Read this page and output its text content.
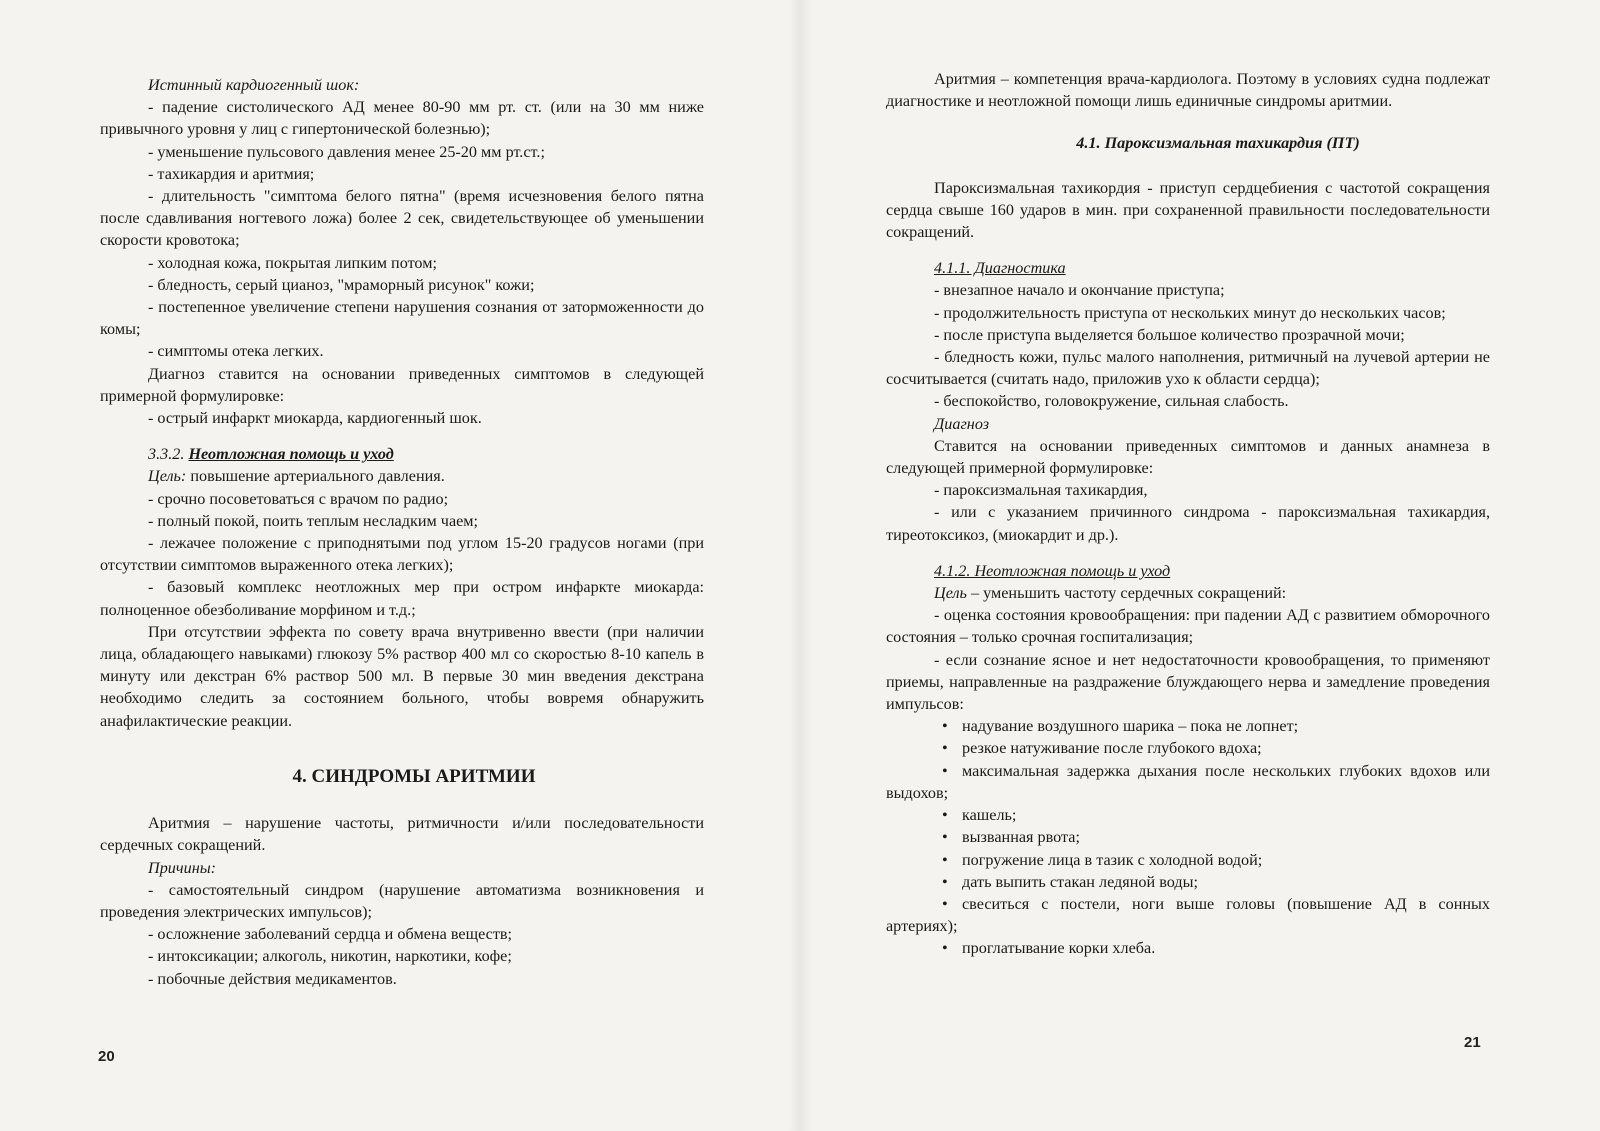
Истинный кардиогенный шок:

- падение систолического АД менее 80-90 мм рт. ст. (или на 30 мм ниже привычного уровня у лиц с гипертонической болезнью);

- уменьшение пульсового давления менее 25-20 мм рт.ст.;

- тахикардия и аритмия;

- длительность "симптома белого пятна" (время исчезновения белого пятна после сдавливания ногтевого ложа) более 2 сек, свидетельствующее об уменьшении скорости кровотока;

- холодная кожа, покрытая липким потом;

- бледность, серый цианоз, "мраморный рисунок" кожи;

- постепенное увеличение степени нарушения сознания от заторможенности до комы;

- симптомы отека легких.

Диагноз ставится на основании приведенных симптомов в следующей примерной формулировке:

- острый инфаркт миокарда, кардиогенный шок.

3.3.2. Неотложная помощь и уход

Цель: повышение артериального давления.

- срочно посоветоваться с врачом по радио;

- полный покой, поить теплым несладким чаем;

- лежачее положение с приподнятыми под углом 15-20 градусов ногами (при отсутствии симптомов выраженного отека легких);

- базовый комплекс неотложных мер при остром инфаркте миокарда: полноценное обезболивание морфином и т.д.;

При отсутствии эффекта по совету врача внутривенно ввести (при наличии лица, обладающего навыками) глюкозу 5% раствор 400 мл со скоростью 8-10 капель в минуту или декстран 6% раствор 500 мл. В первые 30 мин введения декстрана необходимо следить за состоянием больного, чтобы вовремя обнаружить анафилактические реакции.

4. СИНДРОМЫ АРИТМИИ

Аритмия – нарушение частоты, ритмичности и/или последовательности сердечных сокращений.

Причины:

- самостоятельный синдром (нарушение автоматизма возникновения и проведения электрических импульсов);

- осложнение заболеваний сердца и обмена веществ;

- интоксикации; алкоголь, никотин, наркотики, кофе;

- побочные действия медикаментов.

20

Аритмия – компетенция врача-кардиолога. Поэтому в условиях судна подлежат диагностике и неотложной помощи лишь единичные синдромы аритмии.

4.1. Пароксизмальная тахикардия (ПТ)

Пароксизмальная тахикордия - приступ сердцебиения с частотой сокращения сердца свыше 160 ударов в мин. при сохраненной правильности последовательности сокращений.

4.1.1. Диагностика

- внезапное начало и окончание приступа;

- продолжительность приступа от нескольких минут до нескольких часов;

- после приступа выделяется большое количество прозрачной мочи;

- бледность кожи, пульс малого наполнения, ритмичный на лучевой артерии не сосчитывается (считать надо, приложив ухо к области сердца);

- беспокойство, головокружение, сильная слабость.

Диагноз

Ставится на основании приведенных симптомов и данных анамнеза в следующей примерной формулировке:

- пароксизмальная тахикардия,

- или с указанием причинного синдрома - пароксизмальная тахикардия, тиреотоксикоз, (миокардит и др.).

4.1.2. Неотложная помощь и уход

Цель – уменьшить частоту сердечных сокращений:

- оценка состояния кровообращения: при падении АД с развитием обморочного состояния – только срочная госпитализация;

- если сознание ясное и нет недостаточности кровообращения, то применяют приемы, направленные на раздражение блуждающего нерва и замедление проведения импульсов:

• надувание воздушного шарика – пока не лопнет;

• резкое натуживание после глубокого вдоха;

• максимальная задержка дыхания после нескольких глубоких вдохов или выдохов;

• кашель;

• вызванная рвота;

• погружение лица в тазик с холодной водой;

• дать выпить стакан ледяной воды;

• свеситься с постели, ноги выше головы (повышение АД в сонных артериях);

• проглатывание корки хлеба.

21
